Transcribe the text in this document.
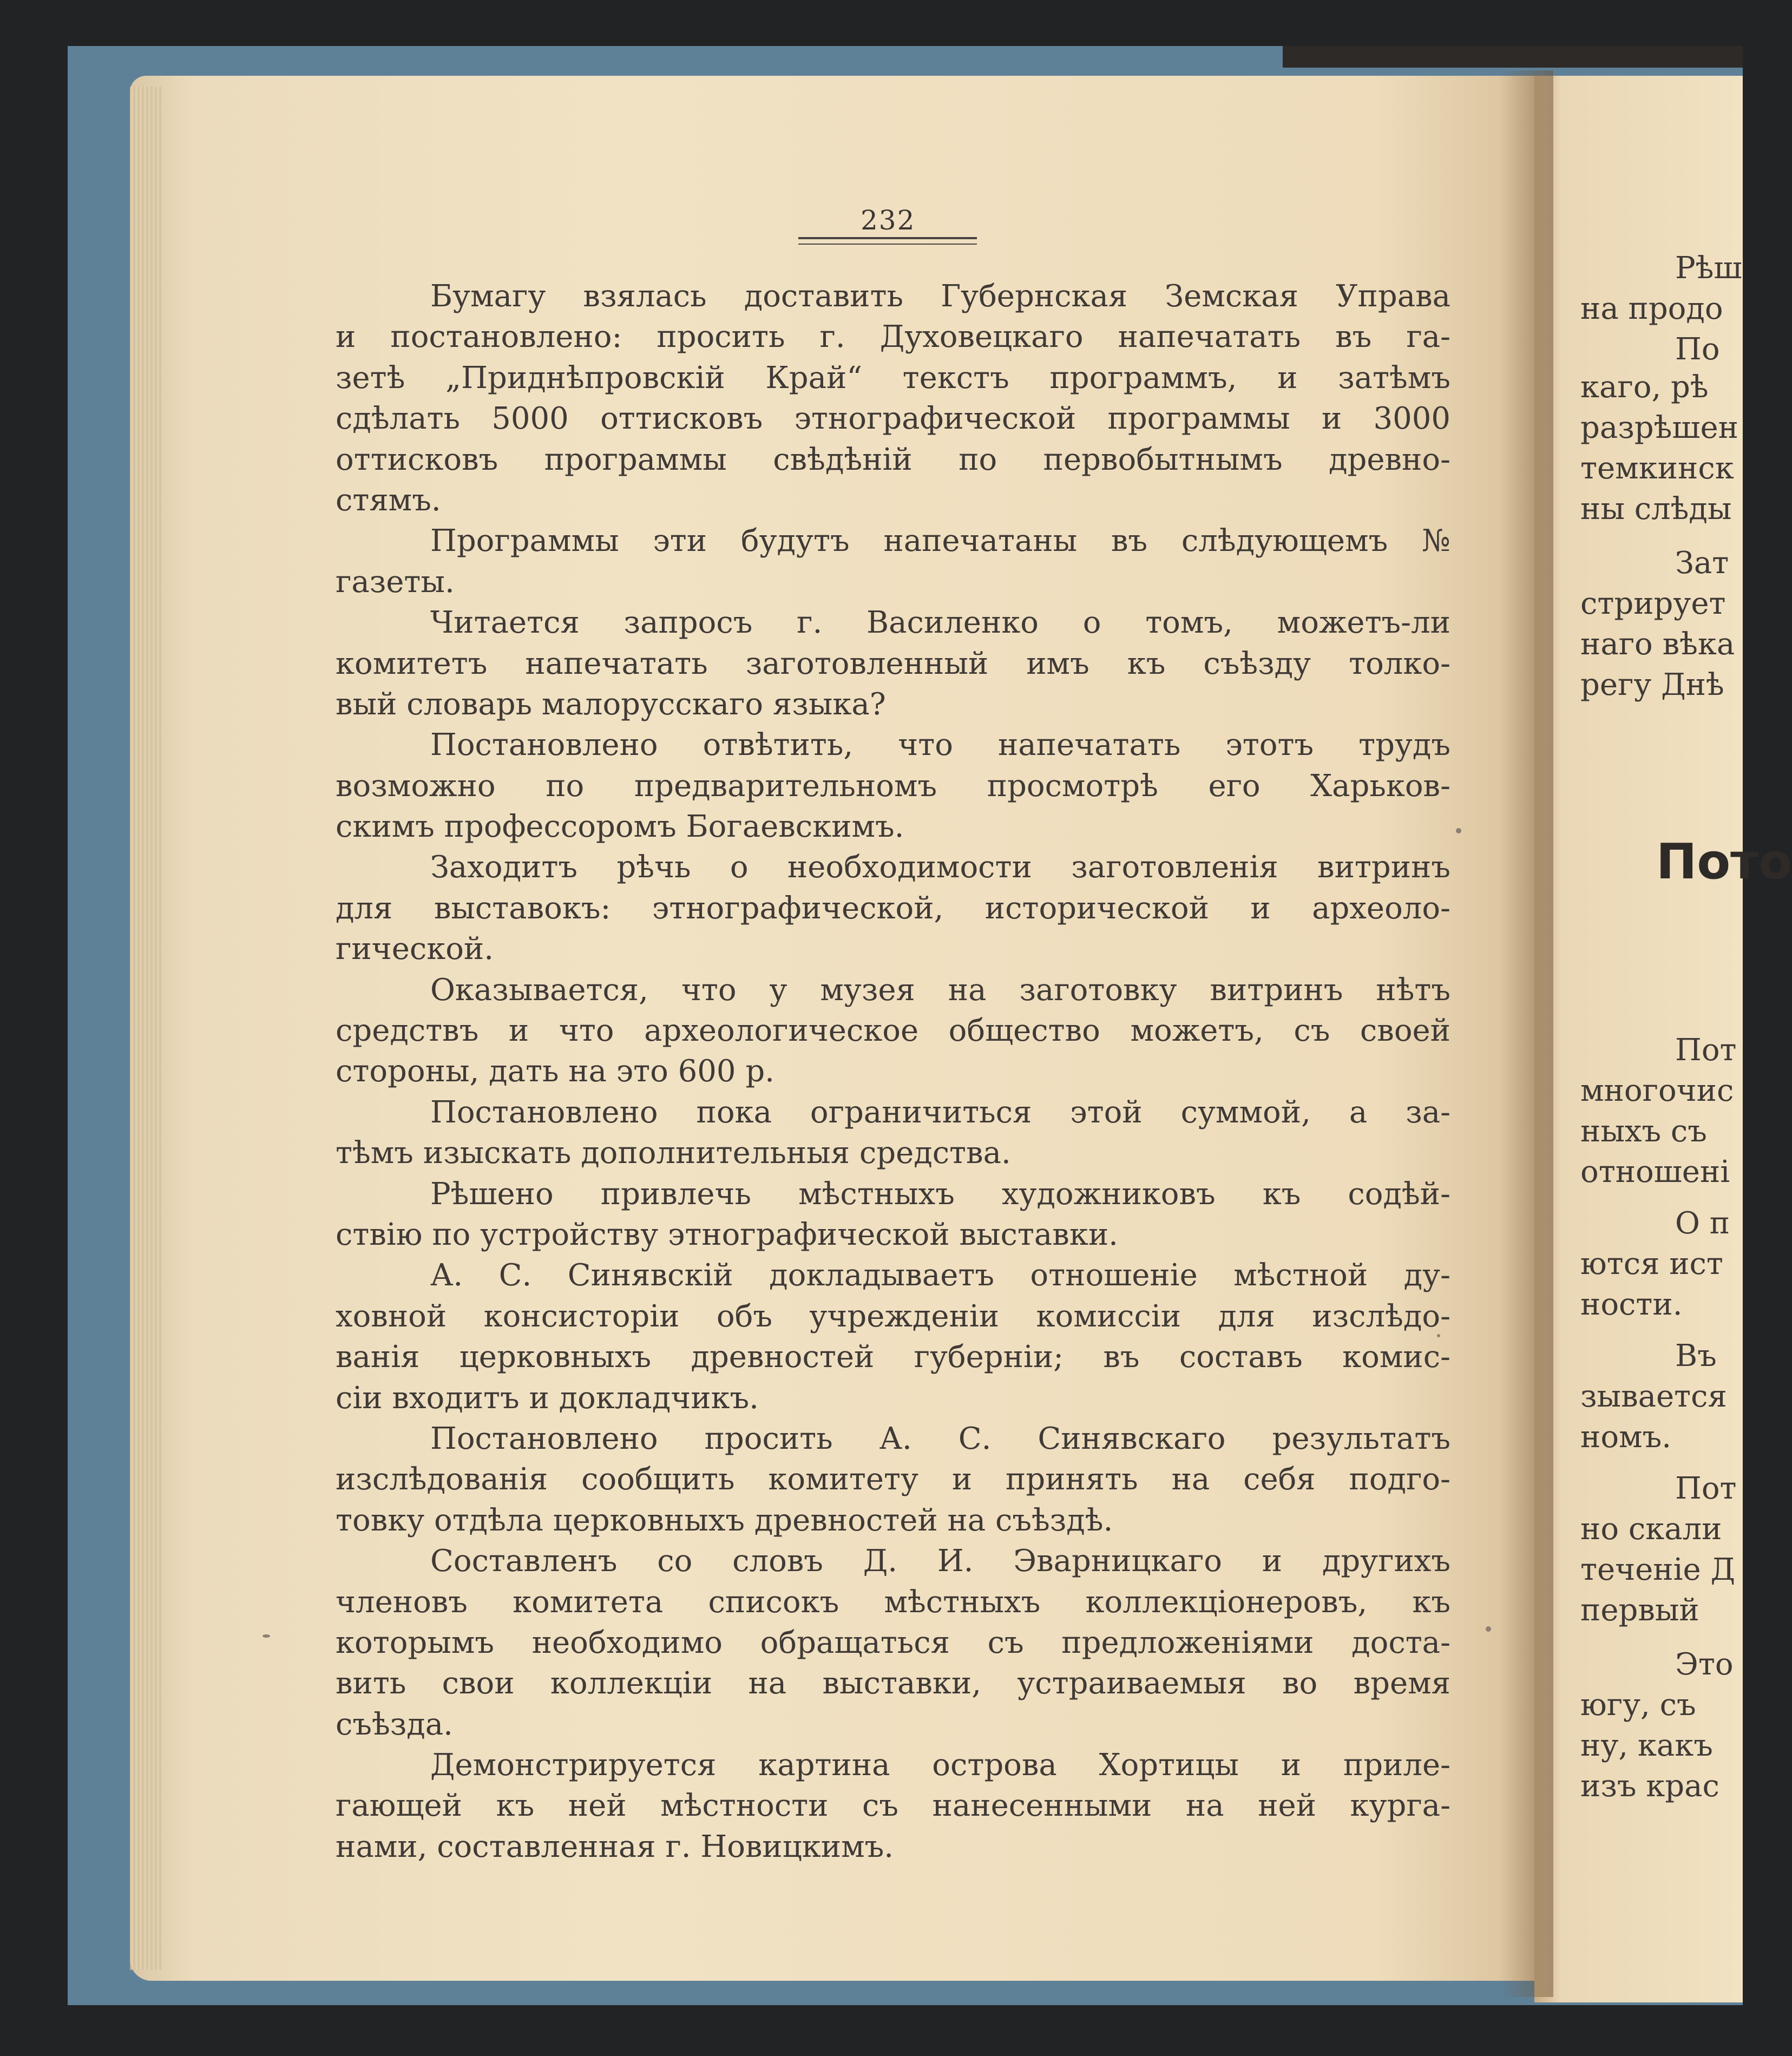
232
Бумагу взялась доставить Губернская Земская Управа
и постановлено: просить г. Духовецкаго напечатать въ га-
зетѣ „Приднѣпровскій Край“ текстъ программъ, и затѣмъ
сдѣлать 5000 оттисковъ этнографической программы и 3000
оттисковъ программы свѣдѣній по первобытнымъ древно-
стямъ.
Программы эти будутъ напечатаны въ слѣдующемъ №
газеты.
Читается запросъ г. Василенко о томъ, можетъ-ли
комитетъ напечатать заготовленный имъ къ съѣзду толко-
вый словарь малорусскаго языка?
Постановлено отвѣтить, что напечатать этотъ трудъ
возможно по предварительномъ просмотрѣ его Харьков-
скимъ профессоромъ Богаевскимъ.
Заходитъ рѣчь о необходимости заготовленія витринъ
для выставокъ: этнографической, исторической и археоло-
гической.
Оказывается, что у музея на заготовку витринъ нѣтъ
средствъ и что археологическое общество можетъ, съ своей
стороны, дать на это 600 р.
Постановлено пока ограничиться этой суммой, а за-
тѣмъ изыскать дополнительныя средства.
Рѣшено привлечь мѣстныхъ художниковъ къ содѣй-
ствію по устройству этнографической выставки.
А. С. Синявскій докладываетъ отношеніе мѣстной ду-
ховной консисторіи объ учрежденіи комиссіи для изслѣдо-
ванія церковныхъ древностей губерніи; въ составъ комис-
сіи входитъ и докладчикъ.
Постановлено просить А. С. Синявскаго результатъ
изслѣдованія сообщить комитету и принять на себя подго-
товку отдѣла церковныхъ древностей на съѣздѣ.
Составленъ со словъ Д. И. Эварницкаго и другихъ
членовъ комитета списокъ мѣстныхъ коллекціонеровъ, къ
которымъ необходимо обращаться съ предложеніями доста-
вить свои коллекціи на выставки, устраиваемыя во время
съѣзда.
Демонстрируется картина острова Хортицы и приле-
гающей къ ней мѣстности съ нанесенными на ней курга-
нами, составленная г. Новицкимъ.
Рѣш
на продо
По
каго, рѣ
разрѣшен
темкинск
ны слѣды
Зат
стрирует
наго вѣка
регу Днѣ
Пот
многочис
ныхъ съ
отношені
О п
ются ист
ности.
Въ
зывается
номъ.
Пот
но скали
теченіе Д
первый
Это
югу, съ
ну, какъ
изъ крас
Пото
